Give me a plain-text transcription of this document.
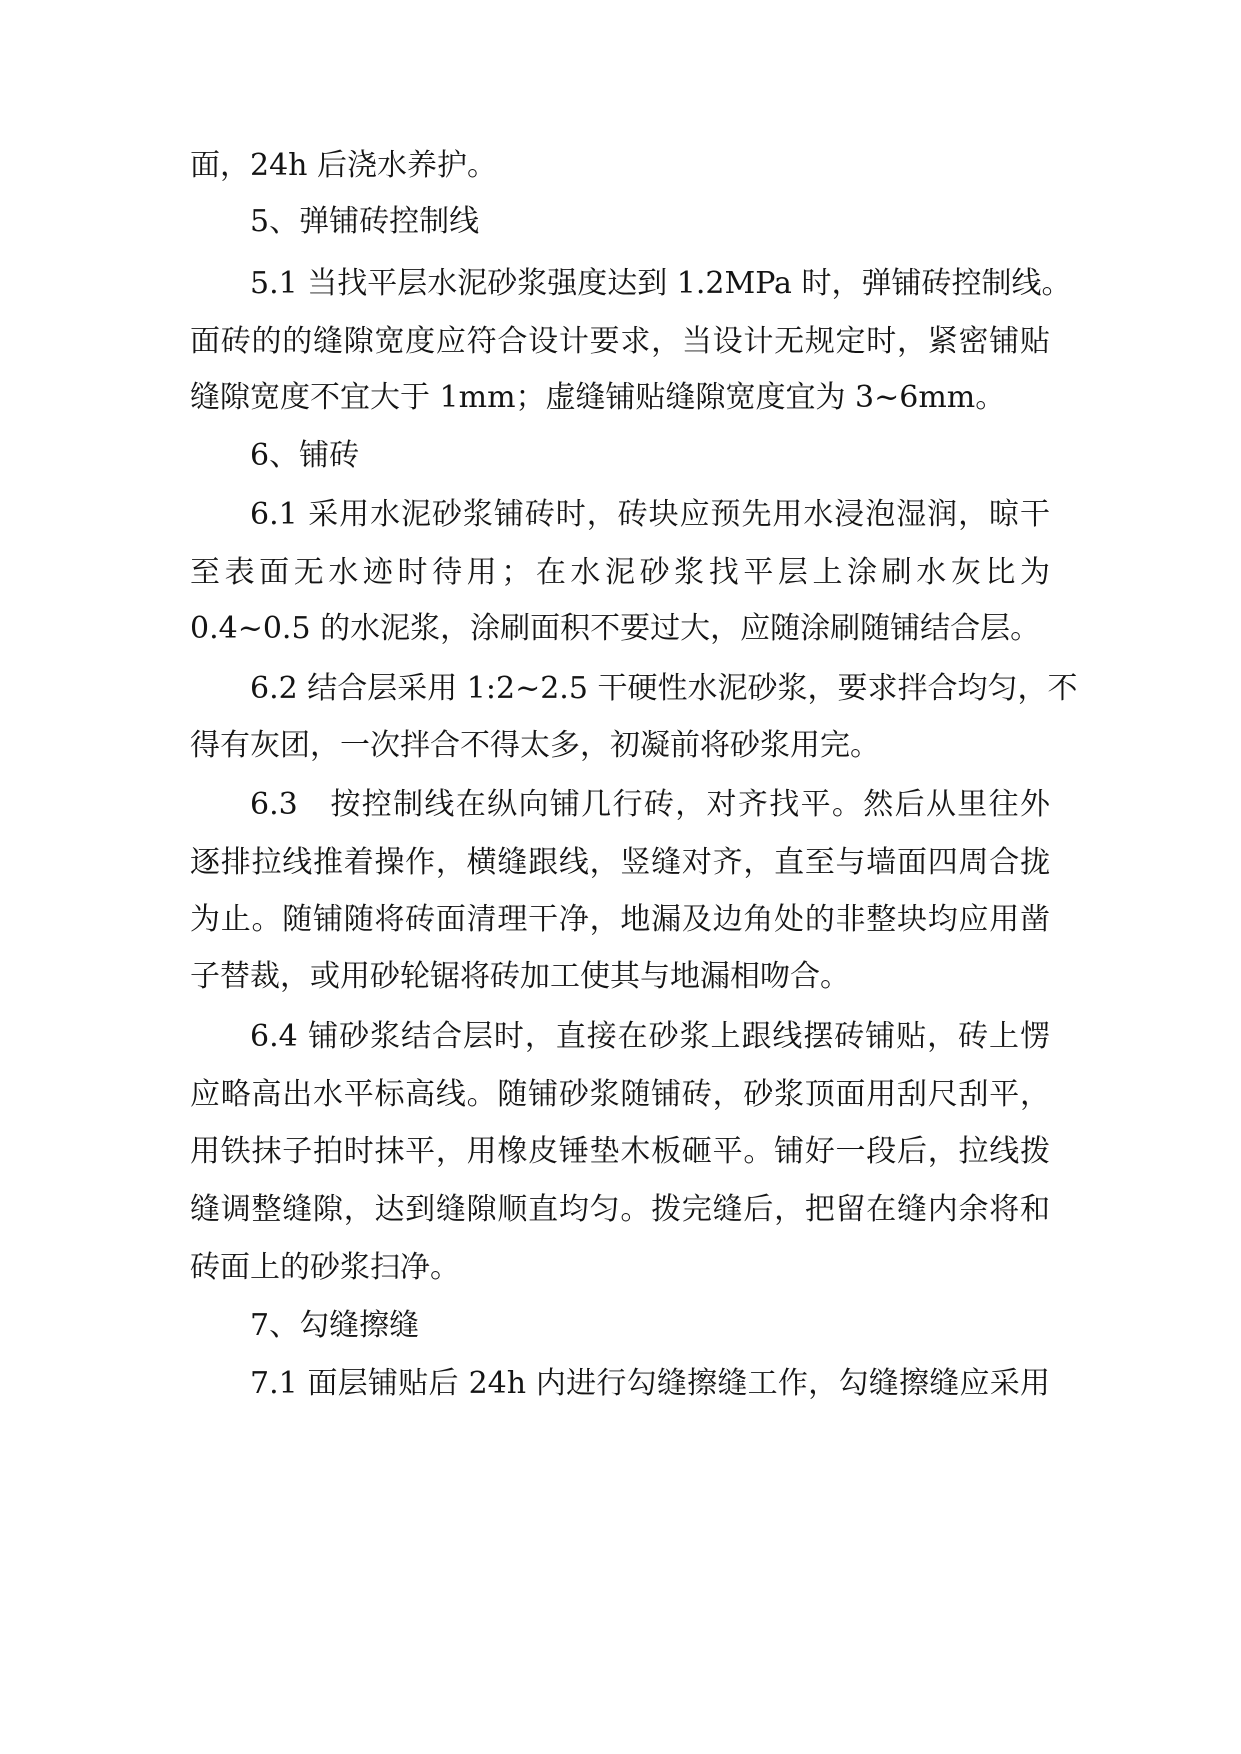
面，24h 后浇水养护。
5、弹铺砖控制线
5.1 当找平层水泥砂浆强度达到 1.2MPa 时，弹铺砖控制线。
面砖的的缝隙宽度应符合设计要求，当设计无规定时，紧密铺贴
缝隙宽度不宜大于 1mm；虚缝铺贴缝隙宽度宜为 3~6mm。
6、铺砖
6.1 采用水泥砂浆铺砖时，砖块应预先用水浸泡湿润，晾干
至表面无水迹时待用；在水泥砂浆找平层上涂刷水灰比为
0.4~0.5 的水泥浆，涂刷面积不要过大，应随涂刷随铺结合层。
6.2 结合层采用 1:2~2.5 干硬性水泥砂浆，要求拌合均匀，不
得有灰团，一次拌合不得太多，初凝前将砂浆用完。
6.3　按控制线在纵向铺几行砖，对齐找平。然后从里往外
逐排拉线推着操作，横缝跟线，竖缝对齐，直至与墙面四周合拢
为止。随铺随将砖面清理干净，地漏及边角处的非整块均应用凿
子替裁，或用砂轮锯将砖加工使其与地漏相吻合。
6.4 铺砂浆结合层时，直接在砂浆上跟线摆砖铺贴，砖上愣
应略高出水平标高线。随铺砂浆随铺砖，砂浆顶面用刮尺刮平，
用铁抹子拍时抹平，用橡皮锤垫木板砸平。铺好一段后，拉线拨
缝调整缝隙，达到缝隙顺直均匀。拨完缝后，把留在缝内余将和
砖面上的砂浆扫净。
7、勾缝擦缝
7.1 面层铺贴后 24h 内进行勾缝擦缝工作，勾缝擦缝应采用
